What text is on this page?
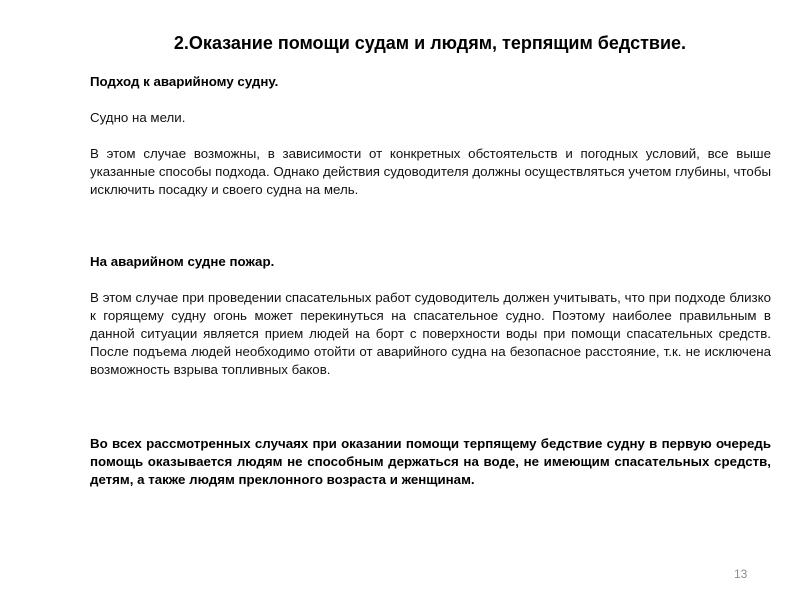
2.Оказание помощи судам и людям, терпящим бедствие.

Подход к аварийному судну.

Судно на мели.

В этом случае возможны, в зависимости от конкретных обстоятельств и погодных условий, все выше указанные способы подхода. Однако действия судоводителя должны осуществляться учетом глубины, чтобы исключить посадку и своего судна на мель.

На аварийном судне пожар.

В этом случае при проведении спасательных работ судоводитель должен учитывать, что при подходе близко к горящему судну огонь может перекинуться на спасательное судно. Поэтому наиболее правильным в данной ситуации является прием людей на борт с поверхности воды при помощи спасательных средств. После подъема людей необходимо отойти от аварийного судна на безопасное расстояние, т.к. не исключена возможность взрыва топливных баков.

Во всех рассмотренных случаях при оказании помощи терпящему бедствие судну в первую очередь помощь оказывается людям не способным держаться на воде, не имеющим спасательных средств, детям, а также людям преклонного возраста и женщинам.

13
